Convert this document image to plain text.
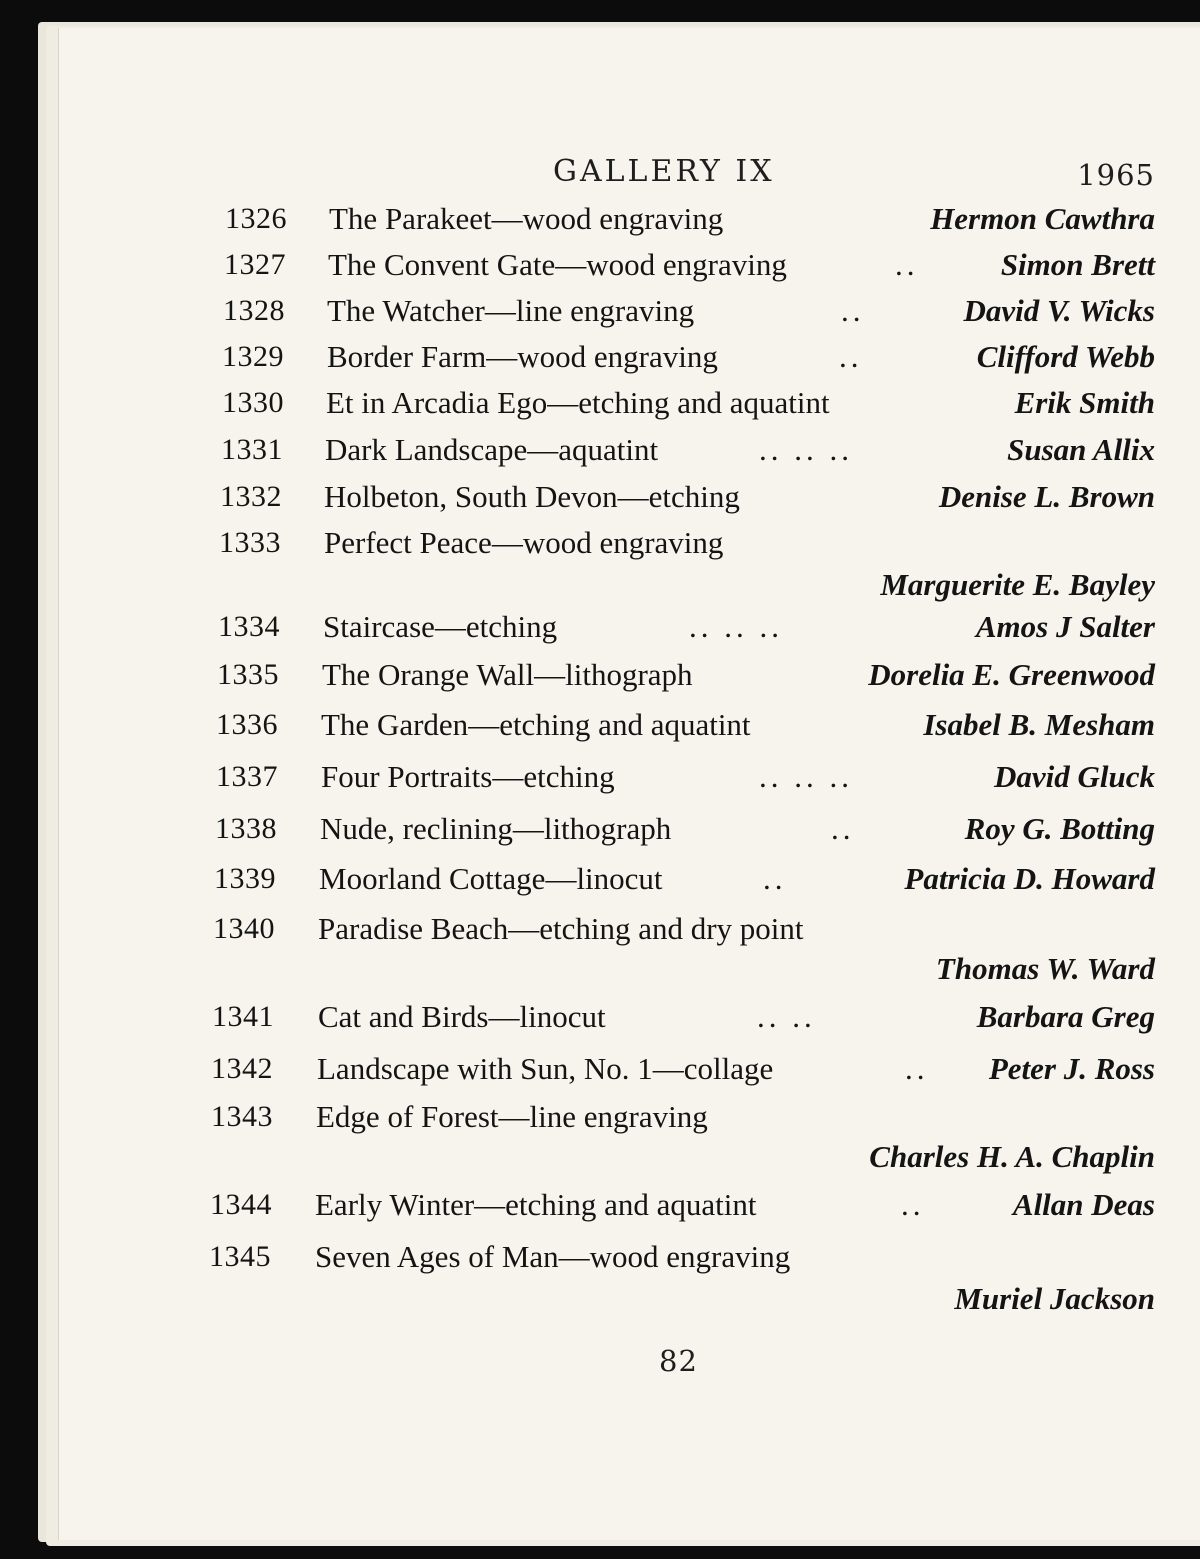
GALLERY IX	1965
1326 The Parakeet—wood engraving	Hermon Cawthra
1327 The Convent Gate—wood engraving	..	Simon Brett
1328 The Watcher—line engraving	..	David V. Wicks
1329 Border Farm—wood engraving	..	Clifford Webb
1330 Et in Arcadia Ego—etching and aquatint	Erik Smith
1331 Dark Landscape—aquatint	.. .. ..	Susan Allix
1332 Holbeton, South Devon—etching	Denise L. Brown
1333 Perfect Peace—wood engraving
Marguerite E. Bayley
1334 Staircase—etching	.. .. ..	Amos J Salter
1335 The Orange Wall—lithograph	Dorelia E. Greenwood
1336 The Garden—etching and aquatint	Isabel B. Mesham
1337 Four Portraits—etching	.. .. ..	David Gluck
1338 Nude, reclining—lithograph	..	Roy G. Botting
1339 Moorland Cottage—linocut	..	Patricia D. Howard
1340 Paradise Beach—etching and dry point
Thomas W. Ward
1341 Cat and Birds—linocut	.. ..	Barbara Greg
1342 Landscape with Sun, No. 1—collage	.. Peter J. Ross
1343 Edge of Forest—line engraving
Charles H. A. Chaplin
1344 Early Winter—etching and aquatint	..	Allan Deas
1345 Seven Ages of Man—wood engraving
Muriel Jackson
82
